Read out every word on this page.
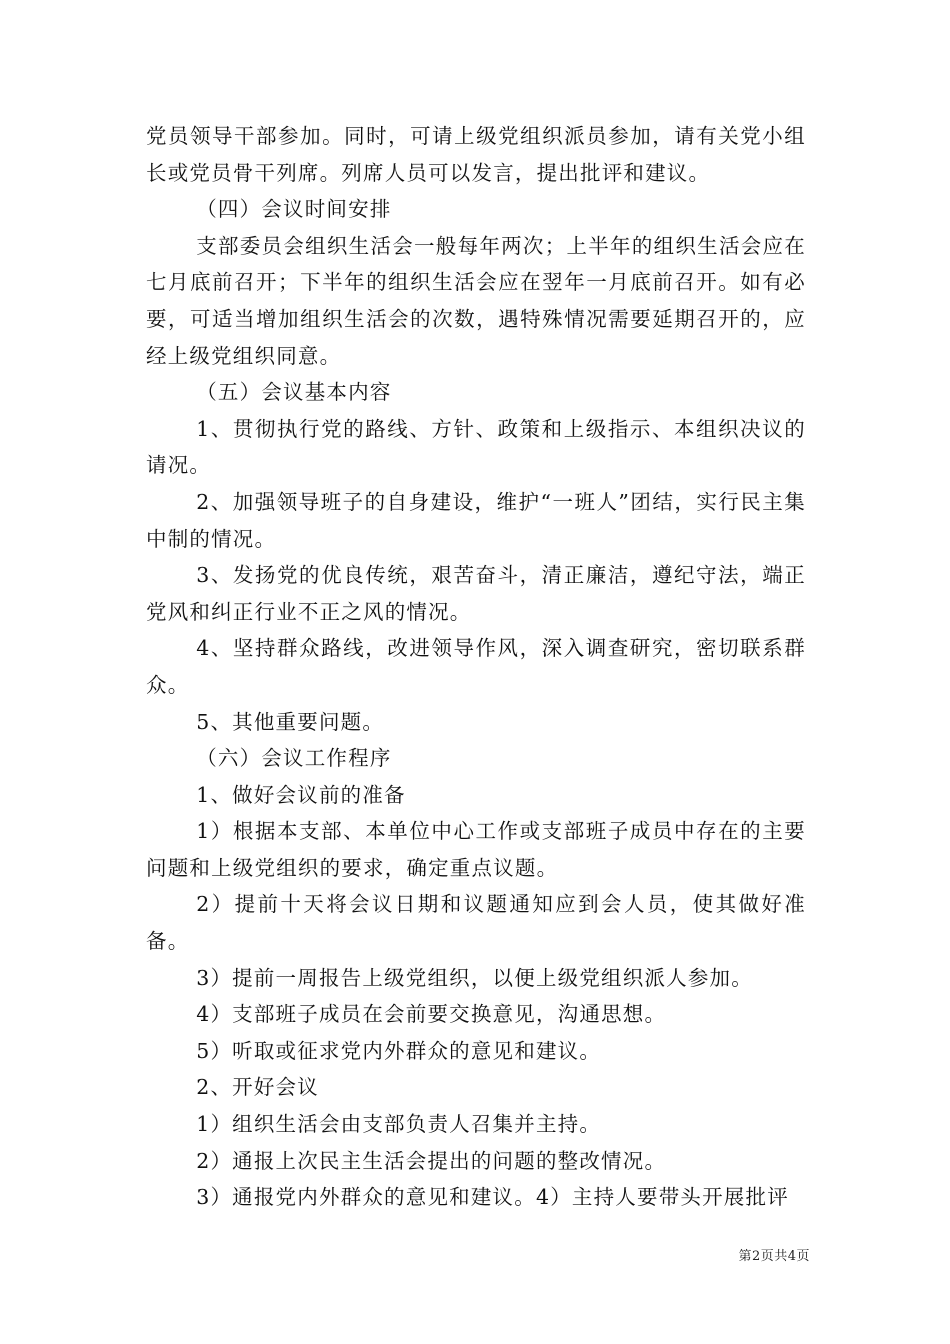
党员领导干部参加。同时，可请上级党组织派员参加，请有关党小组长或党员骨干列席。列席人员可以发言，提出批评和建议。

（四）会议时间安排

支部委员会组织生活会一般每年两次；上半年的组织生活会应在七月底前召开；下半年的组织生活会应在翌年一月底前召开。如有必要，可适当增加组织生活会的次数，遇特殊情况需要延期召开的，应经上级党组织同意。

（五）会议基本内容

1、贯彻执行党的路线、方针、政策和上级指示、本组织决议的请况。

2、加强领导班子的自身建设，维护“一班人”团结，实行民主集中制的情况。

3、发扬党的优良传统，艰苦奋斗，清正廉洁，遵纪守法，端正党风和纠正行业不正之风的情况。

4、坚持群众路线，改进领导作风，深入调查研究，密切联系群众。

5、其他重要问题。

（六）会议工作程序

1、做好会议前的准备

1）根据本支部、本单位中心工作或支部班子成员中存在的主要问题和上级党组织的要求，确定重点议题。

2）提前十天将会议日期和议题通知应到会人员，使其做好准备。

3）提前一周报告上级党组织，以便上级党组织派人参加。

4）支部班子成员在会前要交换意见，沟通思想。

5）听取或征求党内外群众的意见和建议。

2、开好会议

1）组织生活会由支部负责人召集并主持。

2）通报上次民主生活会提出的问题的整改情况。

3）通报党内外群众的意见和建议。4）主持人要带头开展批评

第2页共4页
